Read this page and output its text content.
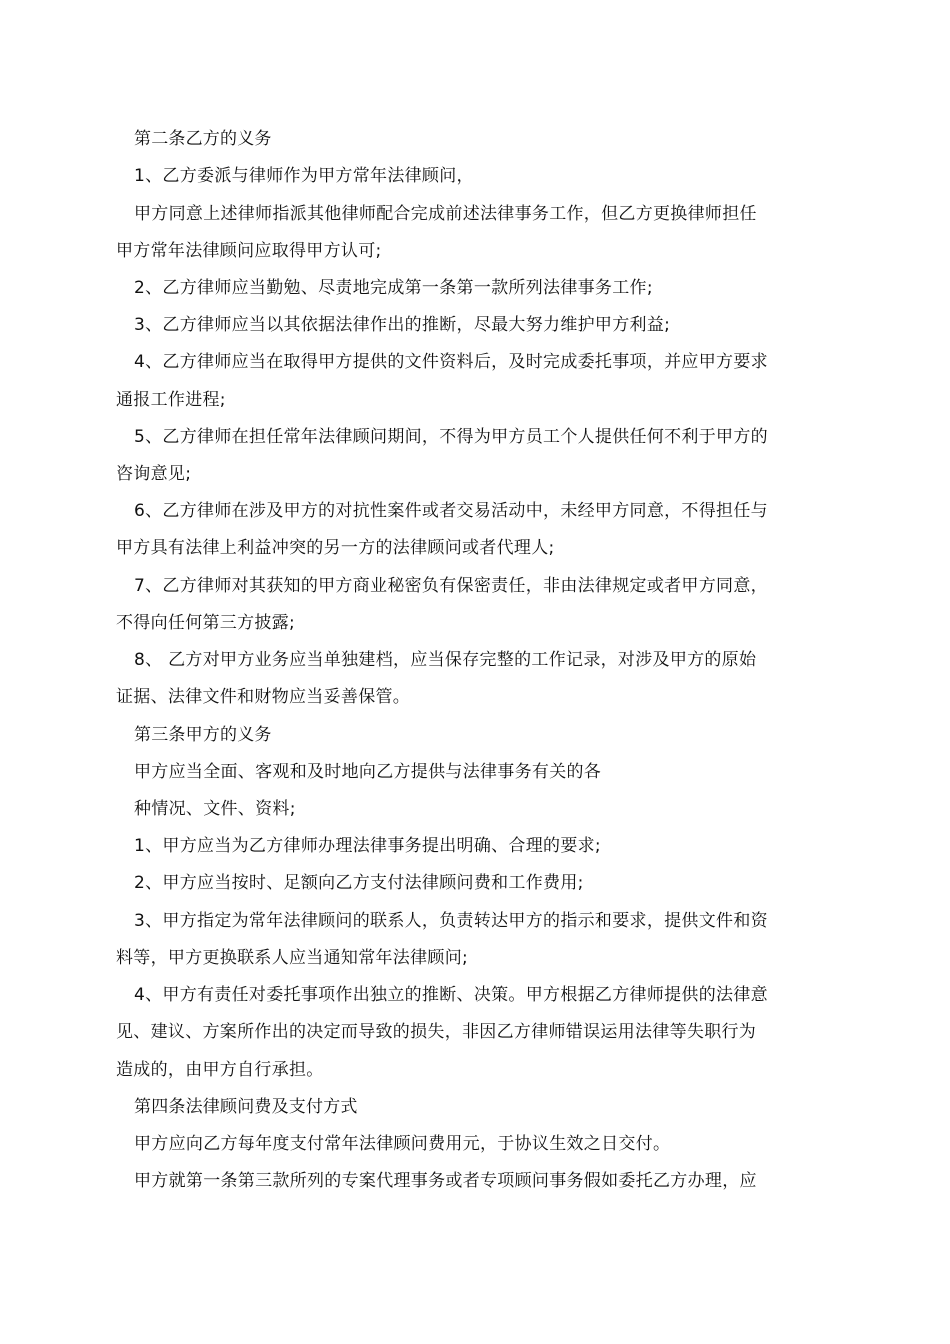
第二条乙方的义务
1、乙方委派与律师作为甲方常年法律顾问，
甲方同意上述律师指派其他律师配合完成前述法律事务工作，但乙方更换律师担任
甲方常年法律顾问应取得甲方认可;
2、乙方律师应当勤勉、尽责地完成第一条第一款所列法律事务工作;
3、乙方律师应当以其依据法律作出的推断，尽最大努力维护甲方利益;
4、乙方律师应当在取得甲方提供的文件资料后，及时完成委托事项，并应甲方要求
通报工作进程;
5、乙方律师在担任常年法律顾问期间，不得为甲方员工个人提供任何不利于甲方的
咨询意见;
6、乙方律师在涉及甲方的对抗性案件或者交易活动中，未经甲方同意，不得担任与
甲方具有法律上利益冲突的另一方的法律顾问或者代理人;
7、乙方律师对其获知的甲方商业秘密负有保密责任，非由法律规定或者甲方同意，
不得向任何第三方披露;
8、 乙方对甲方业务应当单独建档，应当保存完整的工作记录，对涉及甲方的原始
证据、法律文件和财物应当妥善保管。
第三条甲方的义务
甲方应当全面、客观和及时地向乙方提供与法律事务有关的各
种情况、文件、资料;
1、甲方应当为乙方律师办理法律事务提出明确、合理的要求;
2、甲方应当按时、足额向乙方支付法律顾问费和工作费用;
3、甲方指定为常年法律顾问的联系人，负责转达甲方的指示和要求，提供文件和资
料等，甲方更换联系人应当通知常年法律顾问;
4、甲方有责任对委托事项作出独立的推断、决策。甲方根据乙方律师提供的法律意
见、建议、方案所作出的决定而导致的损失，非因乙方律师错误运用法律等失职行为
造成的，由甲方自行承担。
第四条法律顾问费及支付方式
甲方应向乙方每年度支付常年法律顾问费用元，于协议生效之日交付。
甲方就第一条第三款所列的专案代理事务或者专项顾问事务假如委托乙方办理，应
